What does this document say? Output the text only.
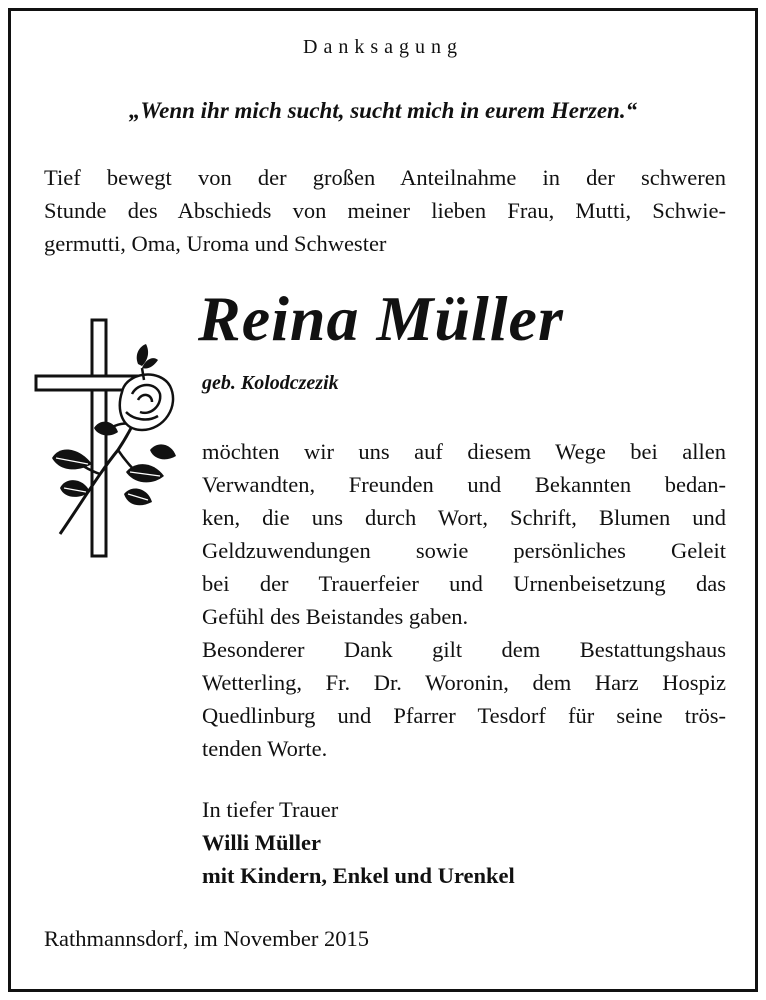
Danksagung
„Wenn ihr mich sucht, sucht mich in eurem Herzen.“
Tief bewegt von der großen Anteilnahme in der schweren
Stunde des Abschieds von meiner lieben Frau, Mutti, Schwie-
germutti, Oma, Uroma und Schwester
Reina Müller
geb. Kolodczezik
möchten wir uns auf diesem Wege bei allen
Verwandten, Freunden und Bekannten bedan-
ken, die uns durch Wort, Schrift, Blumen und
Geldzuwendungen sowie persönliches Geleit
bei der Trauerfeier und Urnenbeisetzung das
Gefühl des Beistandes gaben.
Besonderer Dank gilt dem Bestattungshaus
Wetterling, Fr. Dr. Woronin, dem Harz Hospiz
Quedlinburg und Pfarrer Tesdorf für seine trös-
tenden Worte.
In tiefer Trauer
Willi Müller
mit Kindern, Enkel und Urenkel
Rathmannsdorf, im November 2015
